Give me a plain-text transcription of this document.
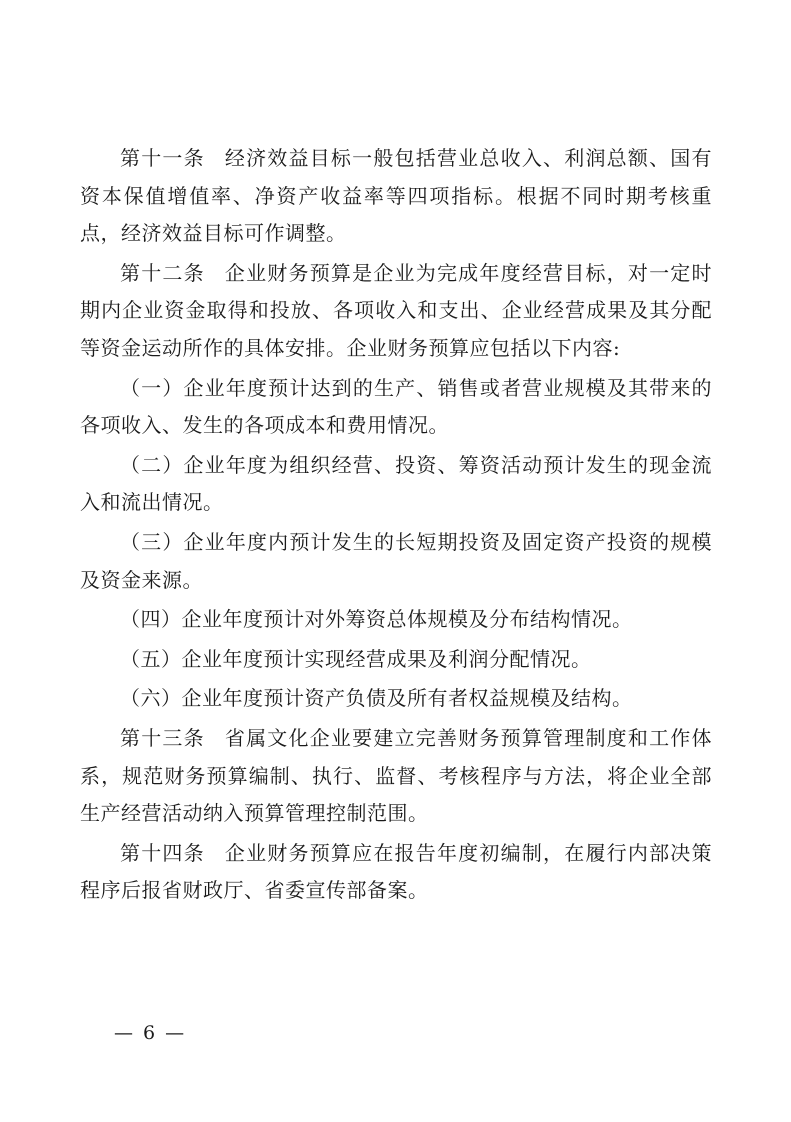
第十一条 经济效益目标一般包括营业总收入、利润总额、国有资本保值增值率、净资产收益率等四项指标。根据不同时期考核重点，经济效益目标可作调整。

第十二条 企业财务预算是企业为完成年度经营目标，对一定时期内企业资金取得和投放、各项收入和支出、企业经营成果及其分配等资金运动所作的具体安排。企业财务预算应包括以下内容:

（一）企业年度预计达到的生产、销售或者营业规模及其带来的各项收入、发生的各项成本和费用情况。

（二）企业年度为组织经营、投资、筹资活动预计发生的现金流入和流出情况。

（三）企业年度内预计发生的长短期投资及固定资产投资的规模及资金来源。

（四）企业年度预计对外筹资总体规模及分布结构情况。

（五）企业年度预计实现经营成果及利润分配情况。

（六）企业年度预计资产负债及所有者权益规模及结构。

第十三条 省属文化企业要建立完善财务预算管理制度和工作体系，规范财务预算编制、执行、监督、考核程序与方法，将企业全部生产经营活动纳入预算管理控制范围。

第十四条 企业财务预算应在报告年度初编制，在履行内部决策程序后报省财政厅、省委宣传部备案。

— 6 —
